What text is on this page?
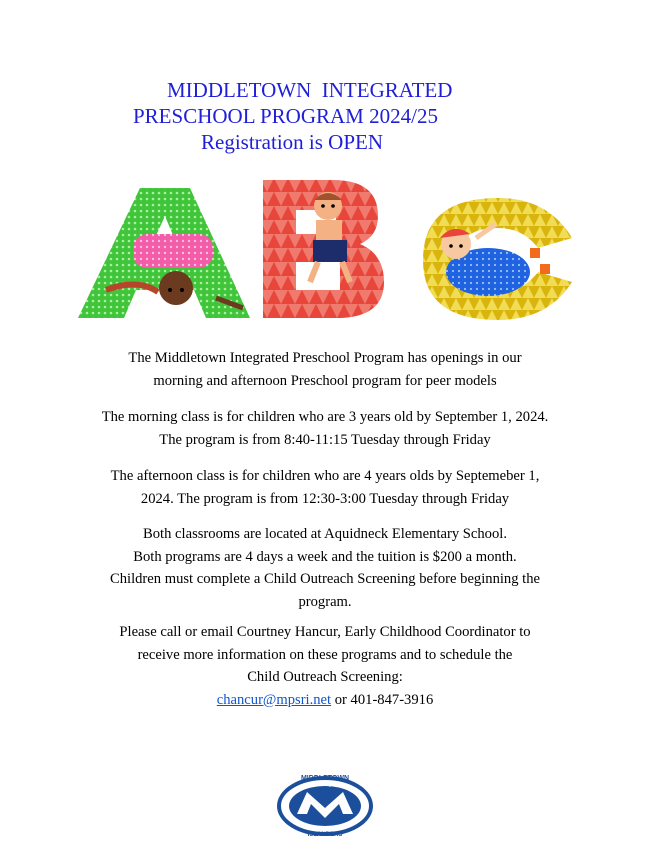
MIDDLETOWN  INTEGRATED
PRESCHOOL PROGRAM 2024/25
Registration is OPEN
The Middletown Integrated Preschool Program has openings in our
morning and afternoon Preschool program for peer models
The morning class is for children who are 3 years old by September 1, 2024.
The program is from 8:40-11:15 Tuesday through Friday
The afternoon class is for children who are 4 years olds by Septemeber 1,
2024. The program is from 12:30-3:00 Tuesday through Friday
Both classrooms are located at Aquidneck Elementary School.
Both programs are 4 days a week and the tuition is $200 a month.
Children must complete a Child Outreach Screening before beginning the
program.
Please call or email Courtney Hancur, Early Childhood Coordinator to
receive more information on these programs and to schedule the
Child Outreach Screening:
chancur@mpsri.net or 401-847-3916
MIDDLETOWN
ISLANDERS
